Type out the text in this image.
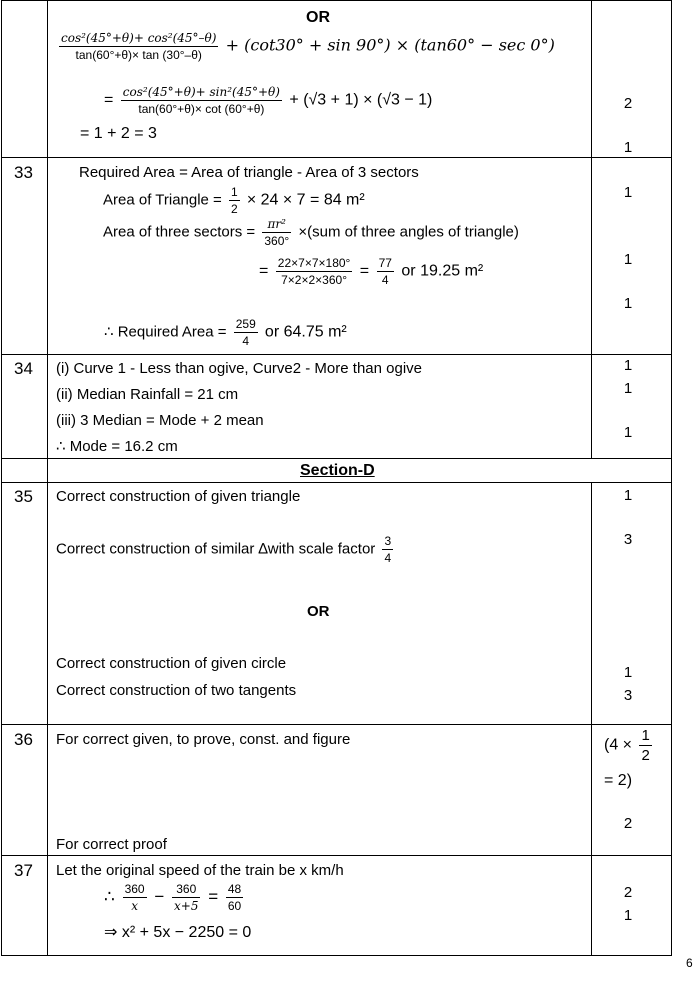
OR
$\frac{\text{cos²(45°+θ)+ cos²(45°–θ)}}{\tan(60^\circ+\theta)\times \tan (30^\circ-\theta)} + (\cot 30^\circ + \sin 90^\circ) \times (\tan 60^\circ - \sec 0^\circ)$
= $\frac{\text{cos²(45°+θ)+ sin²(45°+θ)}}{\tan(60^\circ+\theta)\times \cot (60^\circ+\theta)} + (√3 + 1) \times (√3 - 1)$
= 1 + 2 = 3
2
1
33	Required Area = Area of triangle - Area of 3 sectors
Area of Triangle = $\frac{1}{2} \times 24 \times 7 = 84$ m²
Area of three sectors = $\frac{\text{πr²}}{360^\circ} \times(sum$ of three angles of triangle)
= $\frac{22\times 7\times 7\times 180^\circ}{7\times 2\times 2\times 360^\circ} = \frac{77}{4}$ or 19.25 m²
∴ Required Area = $\frac{259}{4}$ or 64.75 m²
1
1
1
34 (i) Curve 1 - Less than ogive, Curve2 - More than ogive
(ii) Median Rainfall = 21 cm
(iii) 3 Median = Mode + 2 mean
∴ Mode = 16.2 cm
1
1
1
Section-D
35 Correct construction of given triangle
Correct construction of similar ∆with scale factor $\frac{3}{4}$
OR
Correct construction of given circle
Correct construction of two tangents
1
3
1
3
36 For correct given, to prove, const. and figure
For correct proof
($4 \times \frac{1}{2}$
= 2)
2
37 Let the original speed of the train be x km/h
∴ $\frac{360}{x} - \frac{360}{x+5} = \frac{48}{60}$
⇒ x² + 5x − 2250 = 0
2
1
6
